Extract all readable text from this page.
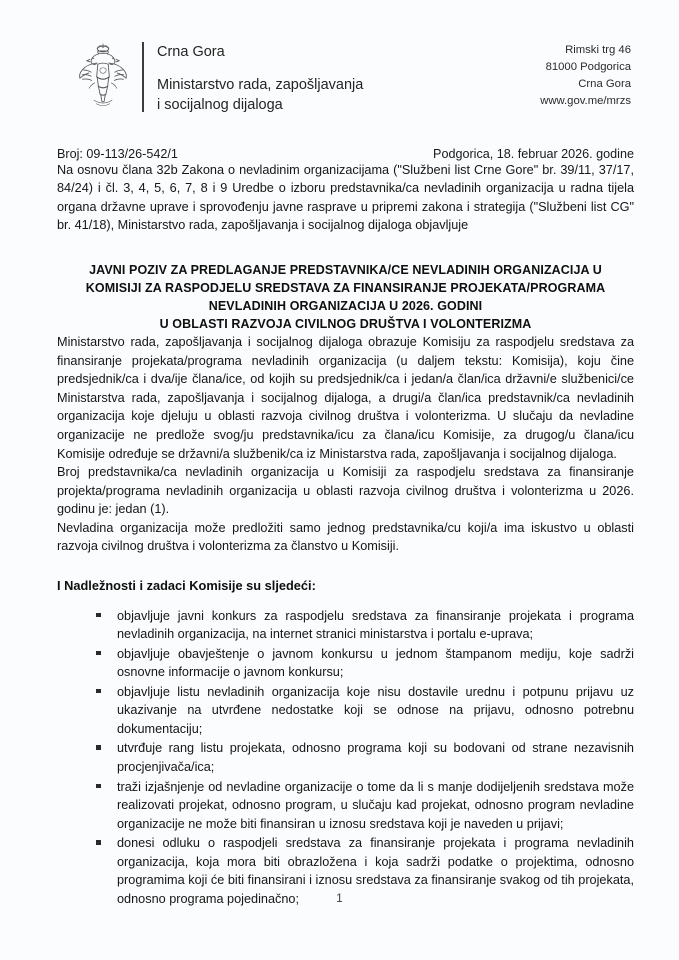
Crna Gora
Ministarstvo rada, zapošljavanja
i socijalnog dijaloga
Rimski trg 46
81000 Podgorica
Crna Gora
www.gov.me/mrzs
Broj: 09-113/26-542/1	Podgorica, 18. februar 2026. godine

Na osnovu člana 32b Zakona o nevladinim organizacijama ("Službeni list Crne Gore" br. 39/11, 37/17, 84/24) i čl. 3, 4, 5, 6, 7, 8 i 9 Uredbe o izboru predstavnika/ca nevladinih organizacija u radna tijela organa državne uprave i sprovođenju javne rasprave u pripremi zakona i strategija ("Službeni list CG" br. 41/18), Ministarstvo rada, zapošljavanja i socijalnog dijaloga objavljuje

JAVNI POZIV ZA PREDLAGANJE PREDSTAVNIKA/CE NEVLADINIH ORGANIZACIJA U
KOMISIJI ZA RASPODJELU SREDSTAVA ZA FINANSIRANJE PROJEKATA/PROGRAMA
NEVLADINIH ORGANIZACIJA U 2026. GODINI
U OBLASTI RAZVOJA CIVILNOG DRUŠTVA I VOLONTERIZMA

Ministarstvo rada, zapošljavanja i socijalnog dijaloga obrazuje Komisiju za raspodjelu sredstava za finansiranje projekata/programa nevladinih organizacija (u daljem tekstu: Komisija), koju čine predsjednik/ca i dva/ije člana/ice, od kojih su predsjednik/ca i jedan/a član/ica državni/e službenici/ce Ministarstva rada, zapošljavanja i socijalnog dijaloga, a drugi/a član/ica predstavnik/ca nevladinih organizacija koje djeluju u oblasti razvoja civilnog društva i volonterizma. U slučaju da nevladine organizacije ne predlože svog/ju predstavnika/icu za člana/icu Komisije, za drugog/u člana/icu Komisije određuje se državni/a službenik/ca iz Ministarstva rada, zapošljavanja i socijalnog dijaloga.

Broj predstavnika/ca nevladinih organizacija u Komisiji za raspodjelu sredstava za finansiranje projekta/programa nevladinih organizacija u oblasti razvoja civilnog društva i volonterizma u 2026. godinu je: jedan (1).

Nevladina organizacija može predložiti samo jednog predstavnika/cu koji/a ima iskustvo u oblasti razvoja civilnog društva i volonterizma za članstvo u Komisiji.

I Nadležnosti i zadaci Komisije su sljedeći:
objavljuje javni konkurs za raspodjelu sredstava za finansiranje projekata i programa nevladinih organizacija, na internet stranici ministarstva i portalu e-uprava;
objavljuje obavještenje o javnom konkursu u jednom štampanom mediju, koje sadrži osnovne informacije o javnom konkursu;
objavljuje listu nevladinih organizacija koje nisu dostavile urednu i potpunu prijavu uz ukazivanje na utvrđene nedostatke koji se odnose na prijavu, odnosno potrebnu dokumentaciju;
utvrđuje rang listu projekata, odnosno programa koji su bodovani od strane nezavisnih procjenjivača/ica;
traži izjašnjenje od nevladine organizacije o tome da li s manje dodijeljenih sredstava može realizovati projekat, odnosno program, u slučaju kad projekat, odnosno program nevladine organizacije ne može biti finansiran u iznosu sredstava koji je naveden u prijavi;
donesi odluku o raspodjeli sredstava za finansiranje projekata i programa nevladinih organizacija, koja mora biti obrazložena i koja sadrži podatke o projektima, odnosno programima koji će biti finansirani i iznosu sredstava za finansiranje svakog od tih projekata, odnosno programa pojedinačno;	1
